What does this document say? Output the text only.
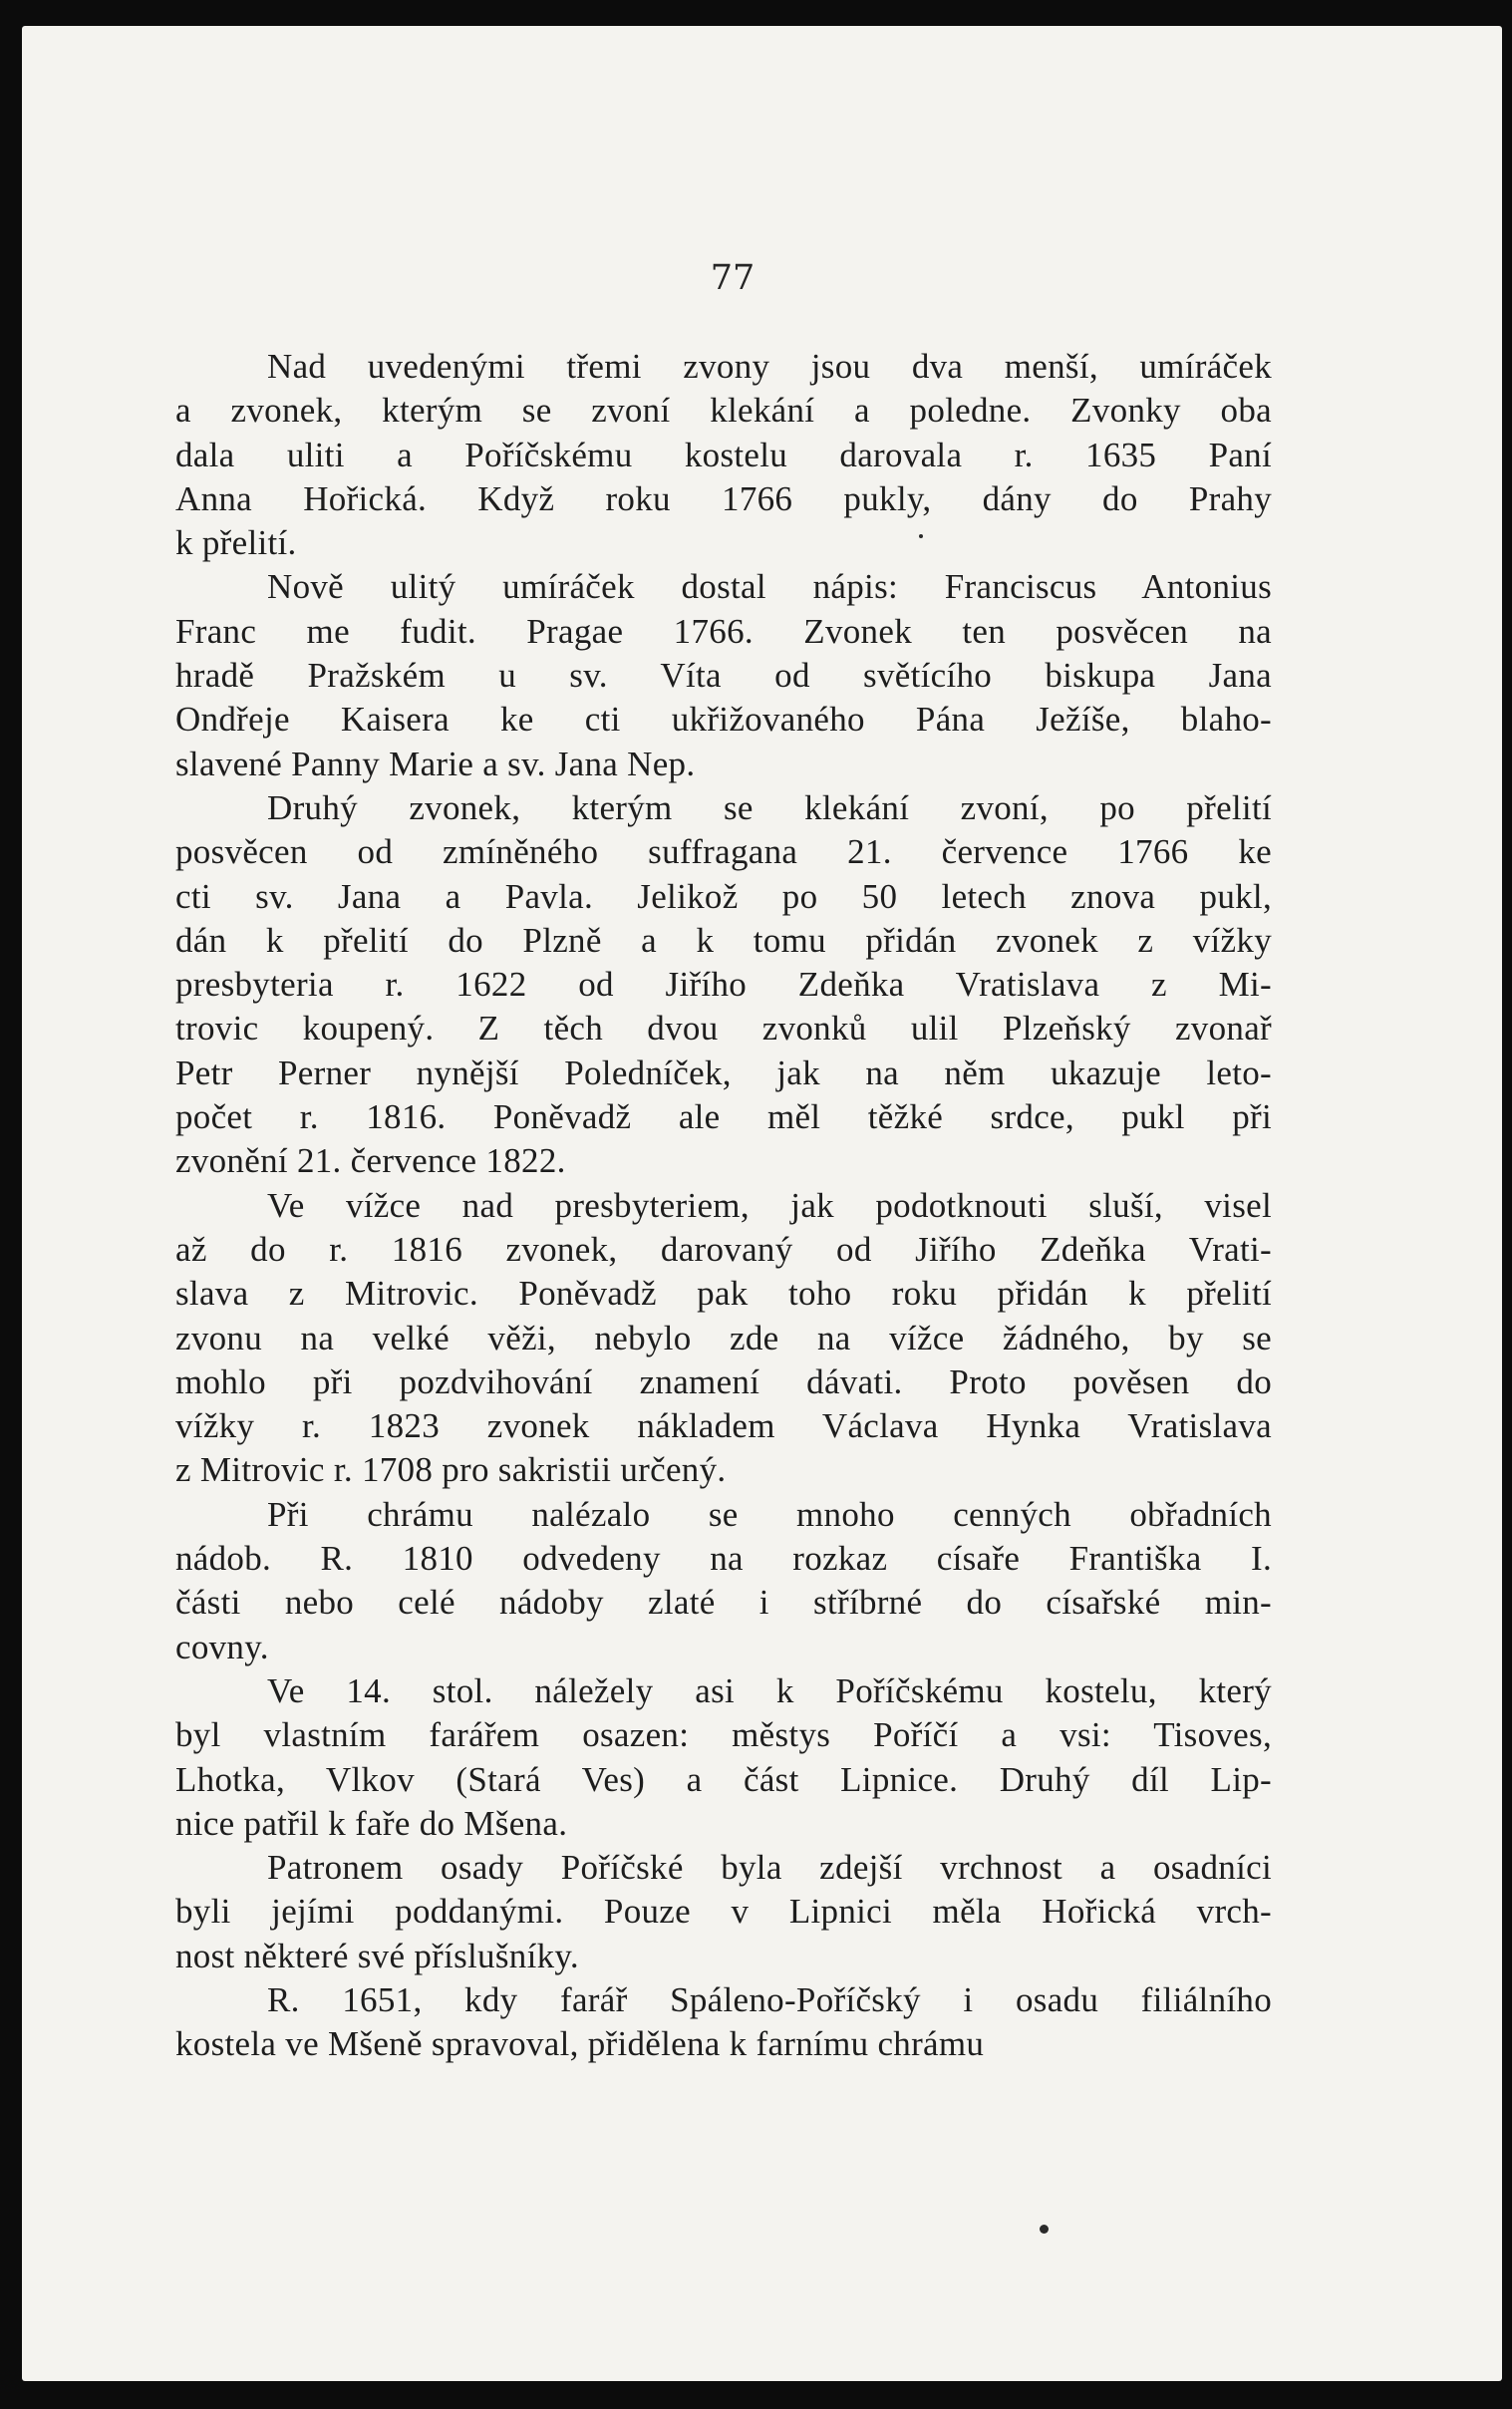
77
Nad uvedenými třemi zvony jsou dva menší, umíráček
a zvonek, kterým se zvoní klekání a poledne. Zvonky oba
dala uliti a Poříčskému kostelu darovala r. 1635 Paní
Anna Hořická. Když roku 1766 pukly, dány do Prahy
k přelití.
Nově ulitý umíráček dostal nápis: Franciscus Antonius
Franc me fudit. Pragae 1766. Zvonek ten posvěcen na
hradě Pražském u sv. Víta od světícího biskupa Jana
Ondřeje Kaisera ke cti ukřižovaného Pána Ježíše, blaho-
slavené Panny Marie a sv. Jana Nep.
Druhý zvonek, kterým se klekání zvoní, po přelití
posvěcen od zmíněného suffragana 21. července 1766 ke
cti sv. Jana a Pavla. Jelikož po 50 letech znova pukl,
dán k přelití do Plzně a k tomu přidán zvonek z vížky
presbyteria r. 1622 od Jiřího Zdeňka Vratislava z Mi-
trovic koupený. Z těch dvou zvonků ulil Plzeňský zvonař
Petr Perner nynější Poledníček, jak na něm ukazuje leto-
počet r. 1816. Poněvadž ale měl těžké srdce, pukl při
zvonění 21. července 1822.
Ve vížce nad presbyteriem, jak podotknouti sluší, visel
až do r. 1816 zvonek, darovaný od Jiřího Zdeňka Vrati-
slava z Mitrovic. Poněvadž pak toho roku přidán k přelití
zvonu na velké věži, nebylo zde na vížce žádného, by se
mohlo při pozdvihování znamení dávati. Proto pověsen do
vížky r. 1823 zvonek nákladem Václava Hynka Vratislava
z Mitrovic r. 1708 pro sakristii určený.
Při chrámu nalézalo se mnoho cenných obřadních
nádob. R. 1810 odvedeny na rozkaz císaře Františka I.
části nebo celé nádoby zlaté i stříbrné do císařské min-
covny.
Ve 14. stol. náležely asi k Poříčskému kostelu, který
byl vlastním farářem osazen: městys Poříčí a vsi: Tisoves,
Lhotka, Vlkov (Stará Ves) a část Lipnice. Druhý díl Lip-
nice patřil k faře do Mšena.
Patronem osady Poříčské byla zdejší vrchnost a osadníci
byli jejími poddanými. Pouze v Lipnici měla Hořická vrch-
nost některé své příslušníky.
R. 1651, kdy farář Spáleno-Poříčský i osadu filiálního
kostela ve Mšeně spravoval, přidělena k farnímu chrámu
